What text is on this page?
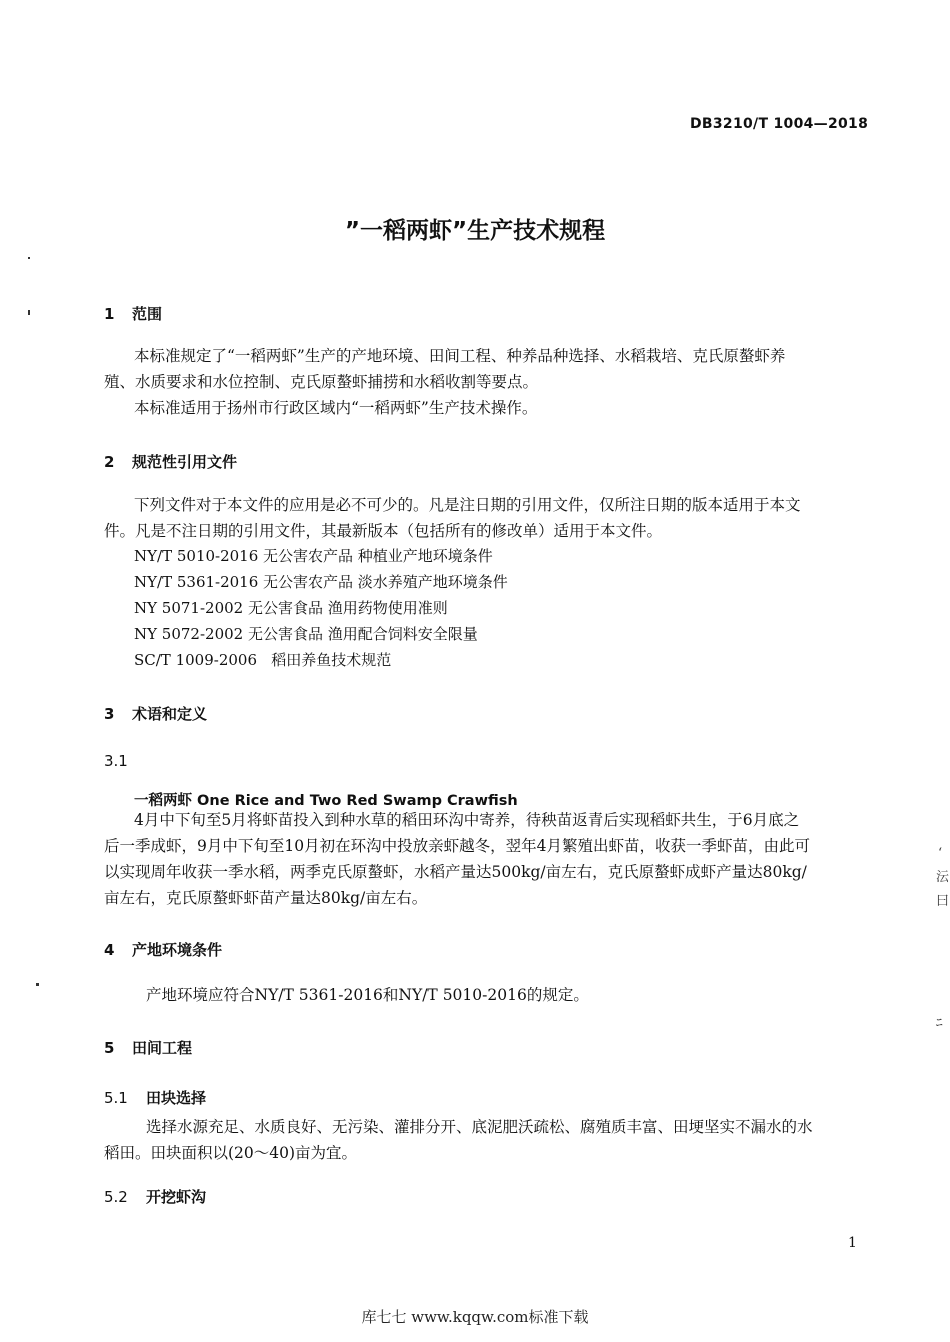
DB3210/T 1004—2018
”一稻两虾”生产技术规程
1 范围
本标准规定了“一稻两虾”生产的产地环境、田间工程、种养品种选择、水稻栽培、克氏原螯虾养
殖、水质要求和水位控制、克氏原螯虾捕捞和水稻收割等要点。
本标准适用于扬州市行政区域内“一稻两虾”生产技术操作。
2 规范性引用文件
下列文件对于本文件的应用是必不可少的。凡是注日期的引用文件，仅所注日期的版本适用于本文
件。凡是不注日期的引用文件，其最新版本（包括所有的修改单）适用于本文件。
NY/T 5010-2016 无公害农产品 种植业产地环境条件
NY/T 5361-2016 无公害农产品 淡水养殖产地环境条件
NY 5071-2002 无公害食品 渔用药物使用准则
NY 5072-2002 无公害食品 渔用配合饲料安全限量
SC/T 1009-2006   稻田养鱼技术规范
3 术语和定义
3.1
一稻两虾 One Rice and Two Red Swamp Crawfish
4月中下旬至5月将虾苗投入到种水草的稻田环沟中寄养，待秧苗返青后实现稻虾共生，于6月底之
后一季成虾，9月中下旬至10月初在环沟中投放亲虾越冬，翌年4月繁殖出虾苗，收获一季虾苗，由此可
以实现周年收获一季水稻，两季克氏原螯虾，水稻产量达500kg/亩左右，克氏原螯虾成虾产量达80kg/
亩左右，克氏原螯虾虾苗产量达80kg/亩左右。
4 产地环境条件
产地环境应符合NY/T 5361-2016和NY/T 5010-2016的规定。
5 田间工程
5.1 田块选择
选择水源充足、水质良好、无污染、灌排分开、底泥肥沃疏松、腐殖质丰富、田埂坚实不漏水的水
稻田。田块面积以(20～40)亩为宜。
5.2 开挖虾沟
1
库七七 www.kqqw.com标准下载
ʻ
沄
曰
ﾆ
